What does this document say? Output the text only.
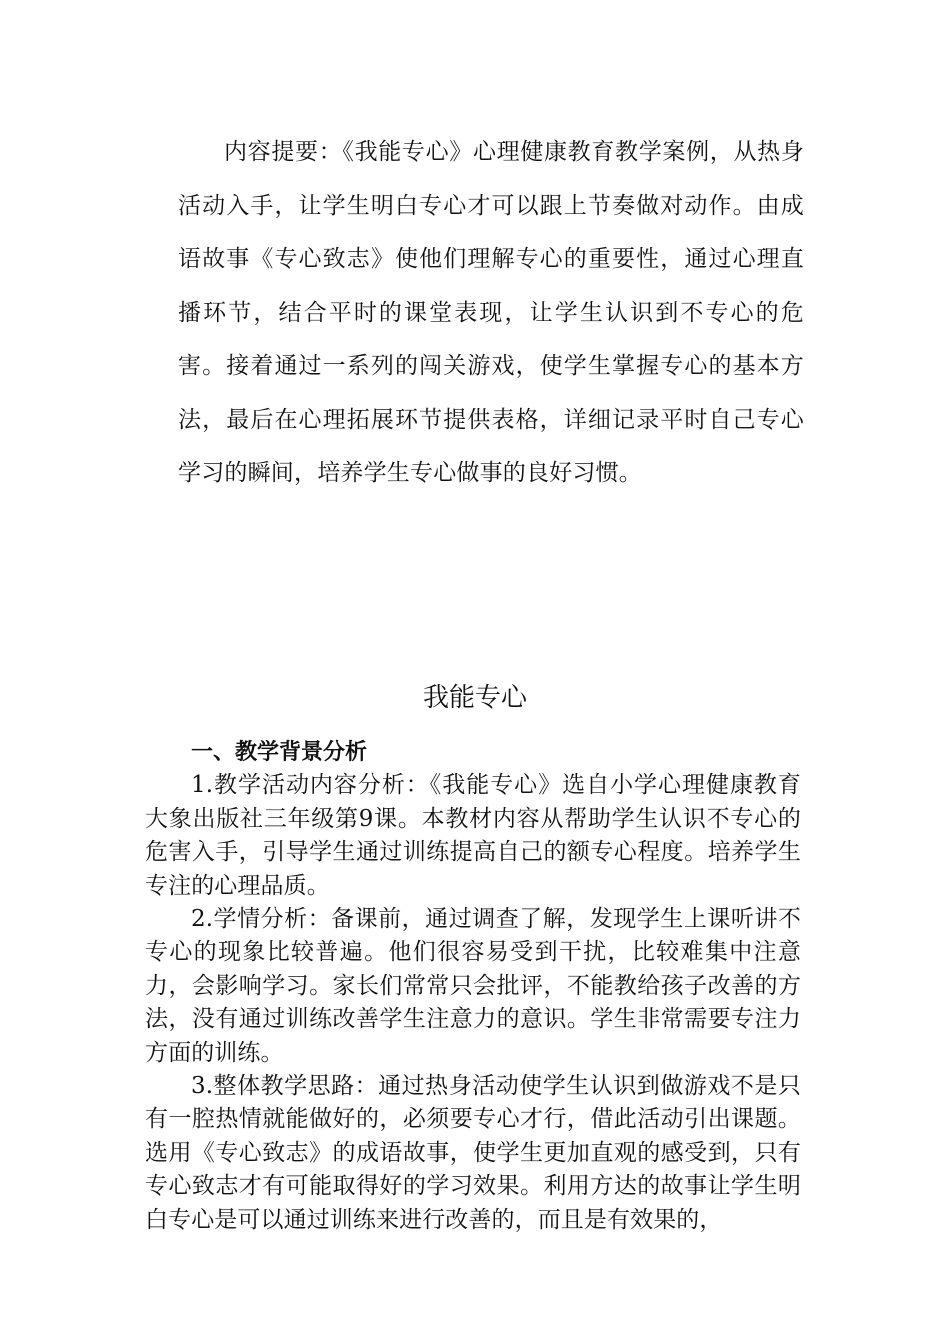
内容提要：《我能专心》心理健康教育教学案例，从热身活动入手，让学生明白专心才可以跟上节奏做对动作。由成语故事《专心致志》使他们理解专心的重要性，通过心理直播环节，结合平时的课堂表现，让学生认识到不专心的危害。接着通过一系列的闯关游戏，使学生掌握专心的基本方法，最后在心理拓展环节提供表格，详细记录平时自己专心学习的瞬间，培养学生专心做事的良好习惯。

我能专心
一、教学背景分析

1.教学活动内容分析：《我能专心》选自小学心理健康教育大象出版社三年级第9课。本教材内容从帮助学生认识不专心的危害入手，引导学生通过训练提高自己的额专心程度。培养学生专注的心理品质。

2.学情分析：备课前，通过调查了解，发现学生上课听讲不专心的现象比较普遍。他们很容易受到干扰，比较难集中注意力，会影响学习。家长们常常只会批评，不能教给孩子改善的方法，没有通过训练改善学生注意力的意识。学生非常需要专注力方面的训练。

3.整体教学思路：通过热身活动使学生认识到做游戏不是只有一腔热情就能做好的，必须要专心才行，借此活动引出课题。选用《专心致志》的成语故事，使学生更加直观的感受到，只有专心致志才有可能取得好的学习效果。利用方达的故事让学生明白专心是可以通过训练来进行改善的，而且是有效果的，
